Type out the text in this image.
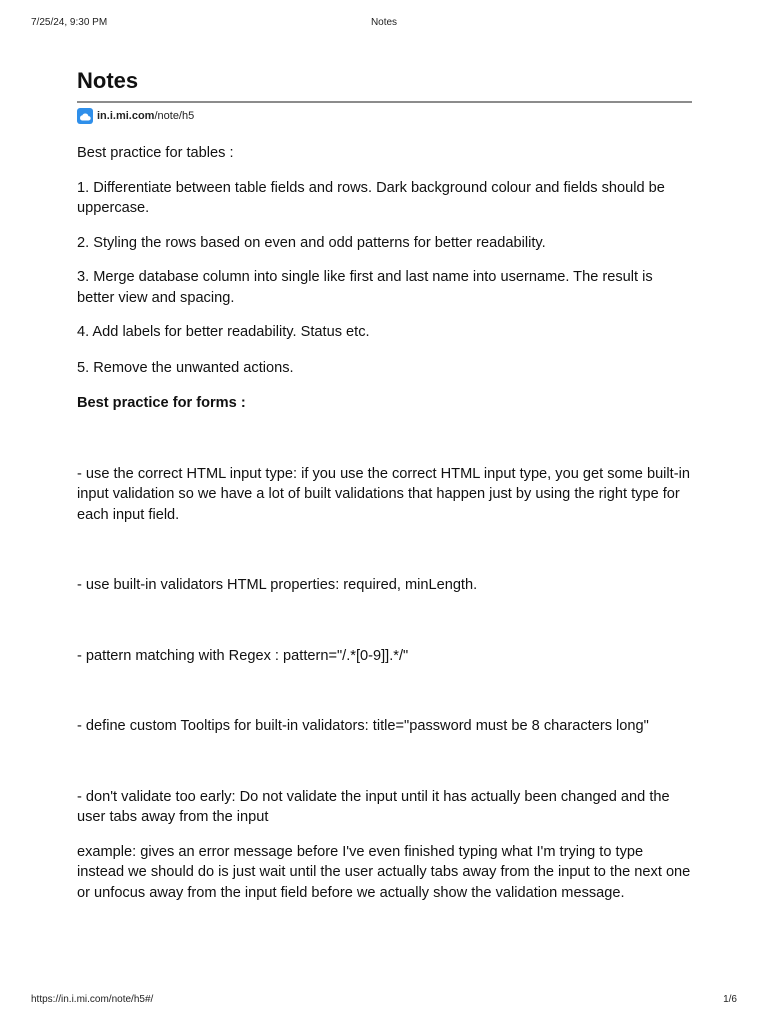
7/25/24, 9:30 PM	Notes
Notes
in.i.mi.com /note/h5

Best practice for tables :

1. Differentiate between table fields and rows. Dark background colour and fields should be uppercase.

2. Styling the rows based on even and odd patterns for better readability.

3. Merge database column into single like first and last name into username. The result is better view and spacing.

4. Add labels for better readability. Status etc.

5. Remove the unwanted actions.

Best practice for forms :

- use the correct HTML input type: if you use the correct HTML input type, you get some built-in input validation so we have a lot of built validations that happen just by using the right type for each input field.

- use built-in validators HTML properties: required, minLength.

- pattern matching with Regex : pattern="/.*[0-9]].*/"

- define custom Tooltips for built-in validators: title="password must be 8 characters long"

- don't validate too early: Do not validate the input until it has actually been changed and the user tabs away from the input

example: gives an error message before I've even finished typing what I'm trying to type instead we should do is just wait until the user actually tabs away from the input to the next one or unfocus away from the input field before we actually show the validation message.

https://in.i.mi.com/note/h5#/	1/6
